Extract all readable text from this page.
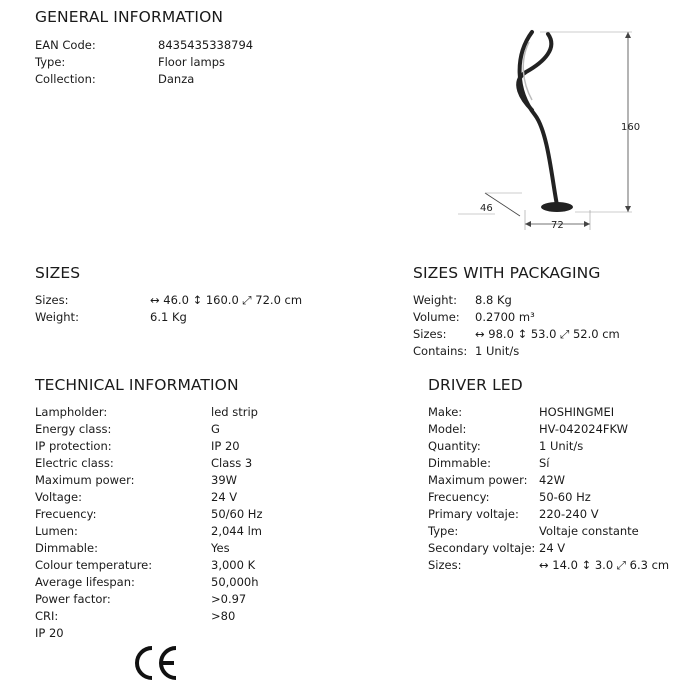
GENERAL INFORMATION
EAN Code:	8435435338794
Type:	Floor lamps
Collection:	Danza
160
46
72
SIZES
Sizes:	↔ 46.0 ↕ 160.0 ⤢ 72.0 cm
Weight:	6.1 Kg
SIZES WITH PACKAGING
Weight: 8.8 Kg
Volume: 0.2700 m³
Sizes: ↔ 98.0 ↕ 53.0 ⤢ 52.0 cm
Contains: 1 Unit/s
TECHNICAL INFORMATION
Lampholder:	led strip
Energy class:	G
IP protection:	IP 20
Electric class:	Class 3
Maximum power:	39W
Voltage:	24 V
Frecuency:	50/60 Hz
Lumen:	2,044 lm
Dimmable:	Yes
Colour temperature:	3,000 K
Average lifespan:	50,000h
Power factor:	>0.97
CRI:	>80
IP 20
DRIVER LED
Make:	HOSHINGMEI
Model:	HV-042024FKW
Quantity:	1 Unit/s
Dimmable:	Sí
Maximum power: 42W
Frecuency:	50-60 Hz
Primary voltaje: 220-240 V
Type:	Voltaje constante
Secondary voltaje: 24 V
Sizes:	↔ 14.0 ↕ 3.0 ⤢ 6.3 cm
